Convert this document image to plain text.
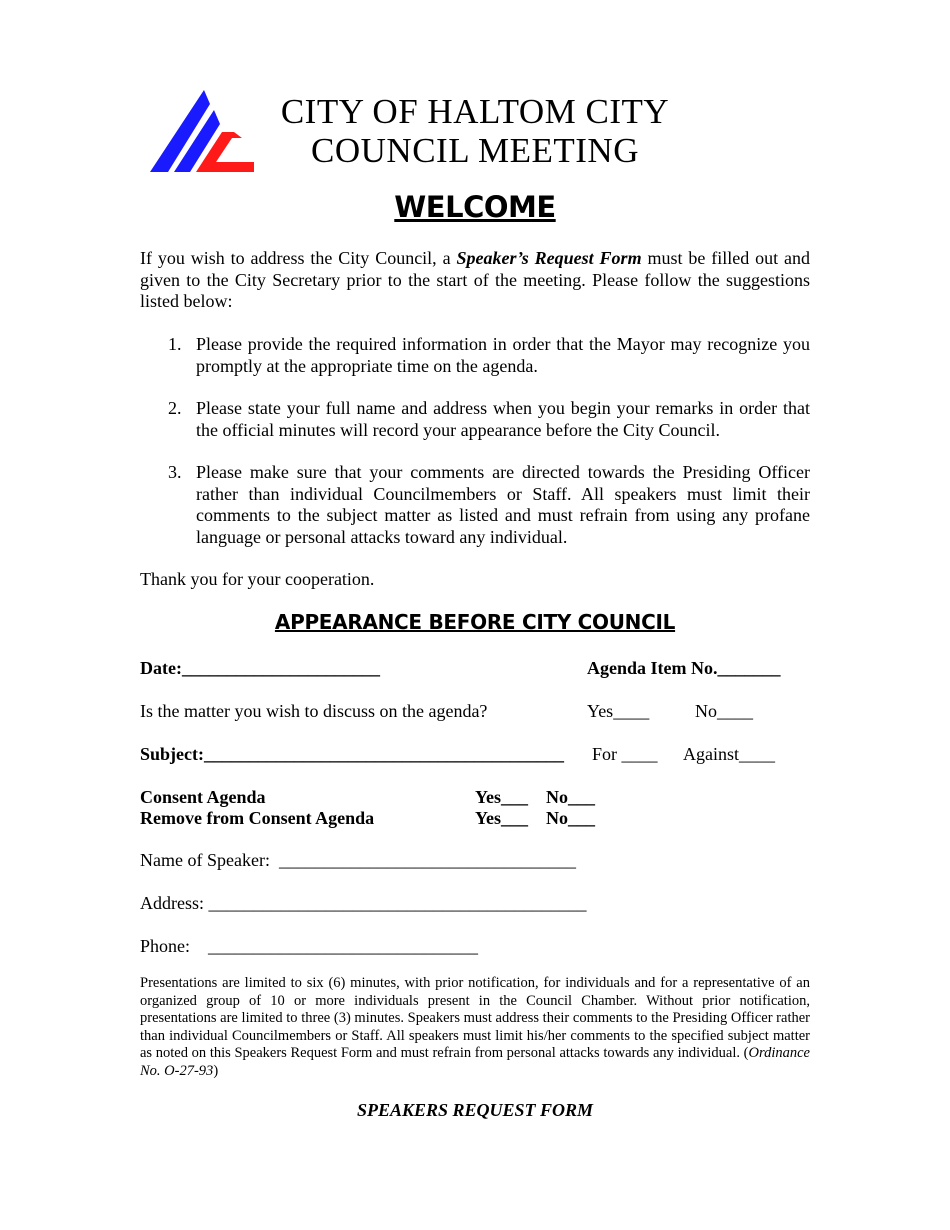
CITY OF HALTOM CITY
COUNCIL MEETING
WELCOME
If you wish to address the City Council, a Speaker’s Request Form must be filled out and given to the City Secretary prior to the start of the meeting. Please follow the suggestions listed below:
1. Please provide the required information in order that the Mayor may recognize you promptly at the appropriate time on the agenda.
2. Please state your full name and address when you begin your remarks in order that the official minutes will record your appearance before the City Council.
3. Please make sure that your comments are directed towards the Presiding Officer rather than individual Councilmembers or Staff. All speakers must limit their comments to the subject matter as listed and must refrain from using any profane language or personal attacks toward any individual.
Thank you for your cooperation.
APPEARANCE BEFORE CITY COUNCIL
Date:______________________	Agenda Item No._______
Is the matter you wish to discuss on the agenda?	Yes____	No____
Subject:________________________________________ For ____ Against____
Consent Agenda	Yes___ No___
Remove from Consent Agenda	Yes___ No___
Name of Speaker:  _________________________________
Address: __________________________________________
Phone:    ______________________________
Presentations are limited to six (6) minutes, with prior notification, for individuals and for a representative of an organized group of 10 or more individuals present in the Council Chamber. Without prior notification, presentations are limited to three (3) minutes. Speakers must address their comments to the Presiding Officer rather than individual Councilmembers or Staff. All speakers must limit his/her comments to the specified subject matter as noted on this Speakers Request Form and must refrain from personal attacks towards any individual. (Ordinance No. O-27-93)
SPEAKERS REQUEST FORM
